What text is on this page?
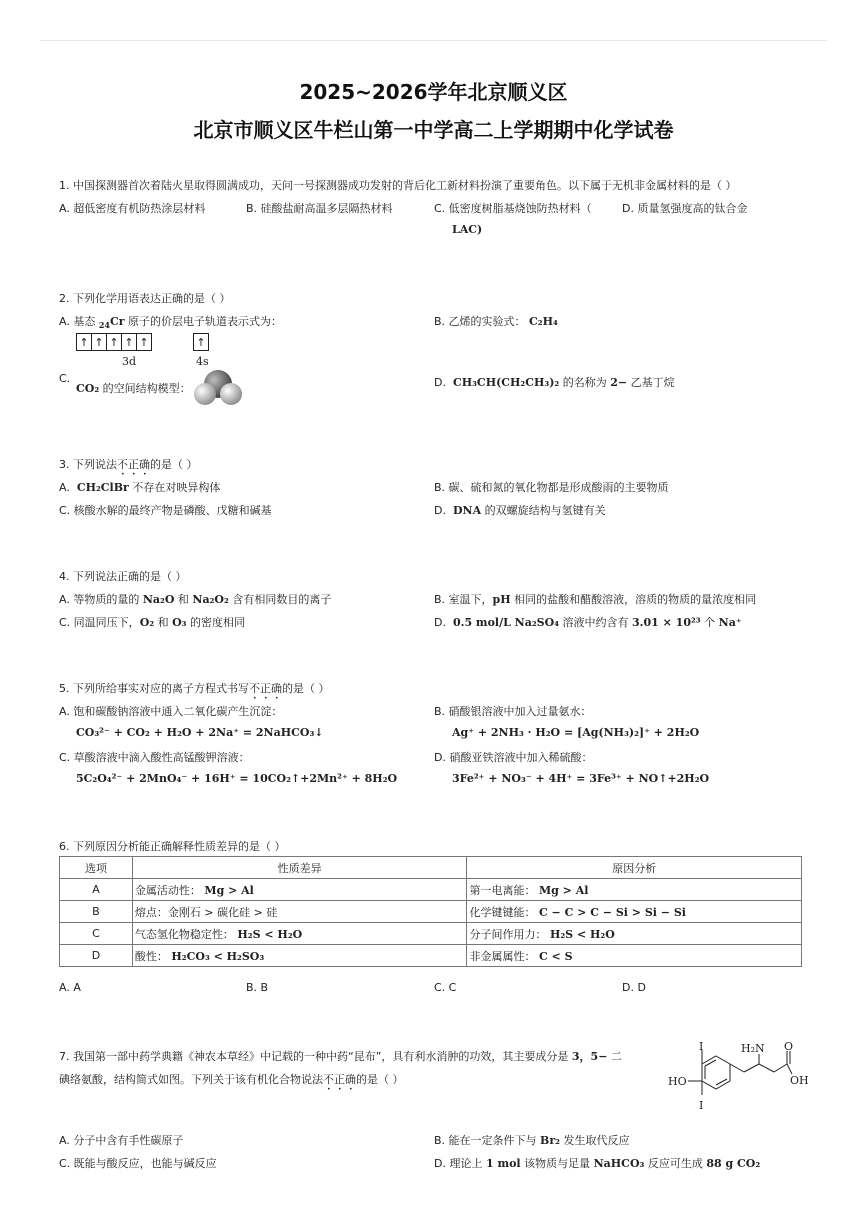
2025~2026学年北京顺义区
北京市顺义区牛栏山第一中学高二上学期期中化学试卷
1. 中国探测器首次着陆火星取得圆满成功，天问一号探测器成功发射的背后化工新材料扮演了重要角色。以下属于无机非金属材料的是（ ）
A. 超低密度有机防热涂层材料	B. 硅酸盐耐高温多层隔热材料	C. 低密度树脂基烧蚀防热材料（
LAC)
D. 质量氢强度高的钛合金
2. 下列化学用语表达正确的是（ ）
A. 基态 $_{24}$Cr 原子的价层电子轨道表示式为：
↑ ↑ ↑ ↑ ↑	↑
3d	4s
B. 乙烯的实验式： C₂H₄
C.
CO₂ 的空间结构模型：	D. CH₃CH(CH₂CH₃)₂ 的名称为 2− 乙基丁烷
3. 下列说法不正确的是（ ）
A. CH₂ClBr 不存在对映异构体	B. 碳、硫和氮的氧化物都是形成酸雨的主要物质
C. 核酸水解的最终产物是磷酸、戊糖和碱基	D. DNA 的双螺旋结构与氢键有关
4. 下列说法正确的是（ ）
A. 等物质的量的 Na₂O 和 Na₂O₂ 含有相同数目的离子	B. 室温下，pH 相同的盐酸和醋酸溶液，溶质的物质的量浓度相同
C. 同温同压下，O₂ 和 O₃ 的密度相同	D. 0.5 mol/L Na₂SO₄ 溶液中约含有 3.01 × 10²³ 个 Na⁺
5. 下列所给事实对应的离子方程式书写不正确的是（ ）
A. 饱和碳酸钠溶液中通入二氧化碳产生沉淀：
CO₃²⁻ + CO₂ + H₂O + 2Na⁺ = 2NaHCO₃↓
B. 硝酸银溶液中加入过量氨水：
Ag⁺ + 2NH₃ · H₂O = [Ag(NH₃)₂]⁺ + 2H₂O
C. 草酸溶液中滴入酸性高锰酸钾溶液：
5C₂O₄²⁻ + 2MnO₄⁻ + 16H⁺ = 10CO₂↑+2Mn²⁺ + 8H₂O
D. 硝酸亚铁溶液中加入稀硫酸：
3Fe²⁺ + NO₃⁻ + 4H⁺ = 3Fe³⁺ + NO↑+2H₂O
6. 下列原因分析能正确解释性质差异的是（ ）
选项	性质差异	原因分析
A	金属活动性： Mg > Al	第一电离能： Mg > Al
B	熔点：金刚石 > 碳化硅 > 硅	化学键键能： C − C > C − Si > Si − Si
C	气态氢化物稳定性： H₂S < H₂O	分子间作用力： H₂S < H₂O
D	酸性： H₂CO₃ < H₂SO₃	非金属属性： C < S
A. A	B. B	C. C	D. D
7. 我国第一部中药学典籍《神农本草经》中记载的一种中药“昆布”，具有利水消肿的功效，其主要成分是 3，5− 二
碘络氨酸，结构简式如图。下列关于该有机化合物说法不正确的是（ ）
I
I
HO
H₂N O
OH
A. 分子中含有手性碳原子	B. 能在一定条件下与 Br₂ 发生取代反应
C. 既能与酸反应，也能与碱反应	D. 理论上 1 mol 该物质与足量 NaHCO₃ 反应可生成 88 g CO₂
